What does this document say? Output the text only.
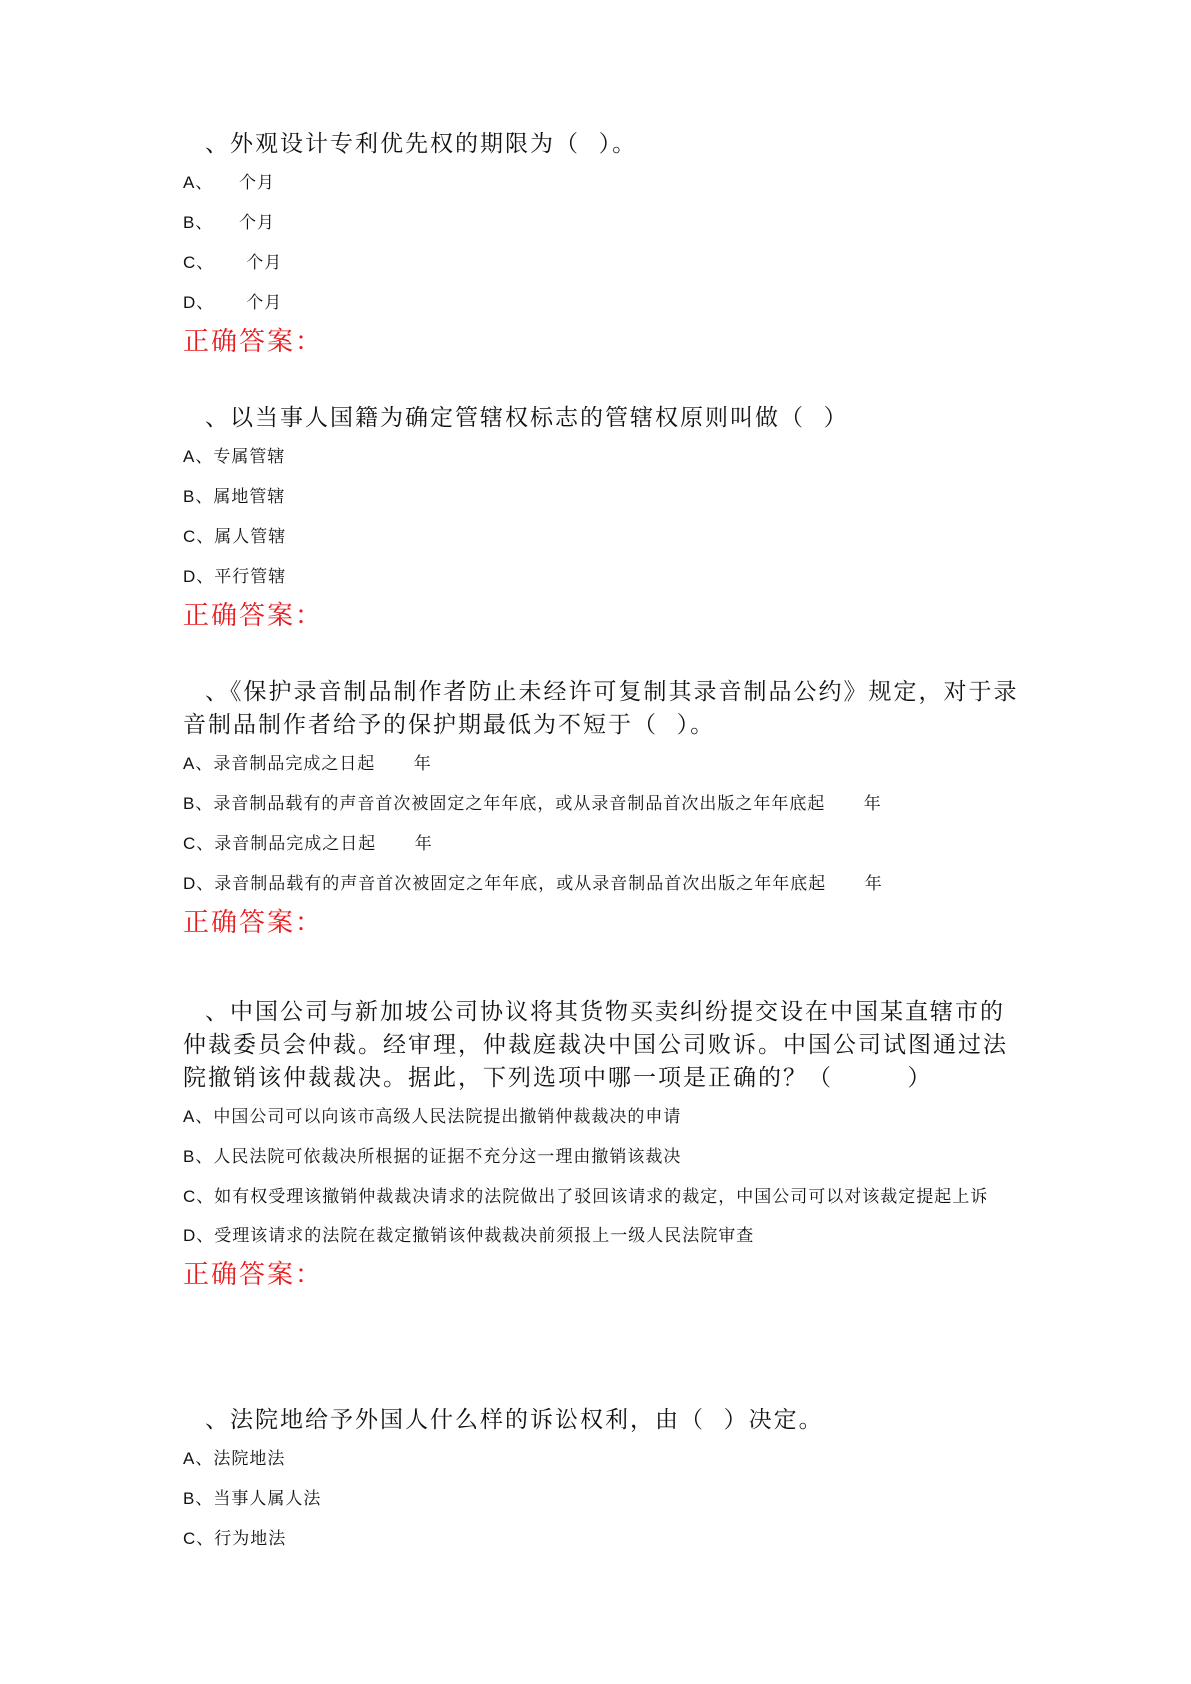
、外观设计专利优先权的期限为（  ）。

A、    个月
B、    个月
C、     个月
D、     个月

正确答案：

、以当事人国籍为确定管辖权标志的管辖权原则叫做（  ）

A、专属管辖
B、属地管辖
C、属人管辖
D、平行管辖

正确答案：

、《保护录音制品制作者防止未经许可复制其录音制品公约》规定，对于录音制品制作者给予的保护期最低为不短于（  ）。

A、录音制品完成之日起      年
B、录音制品载有的声音首次被固定之年年底，或从录音制品首次出版之年年底起      年
C、录音制品完成之日起      年
D、录音制品载有的声音首次被固定之年年底，或从录音制品首次出版之年年底起      年

正确答案：

、中国公司与新加坡公司协议将其货物买卖纠纷提交设在中国某直辖市的仲裁委员会仲裁。经审理，仲裁庭裁决中国公司败诉。中国公司试图通过法院撤销该仲裁裁决。据此，下列选项中哪一项是正确的？（        ）

A、中国公司可以向该市高级人民法院提出撤销仲裁裁决的申请
B、人民法院可依裁决所根据的证据不充分这一理由撤销该裁决
C、如有权受理该撤销仲裁裁决请求的法院做出了驳回该请求的裁定，中国公司可以对该裁定提起上诉
D、受理该请求的法院在裁定撤销该仲裁裁决前须报上一级人民法院审查

正确答案：

、法院地给予外国人什么样的诉讼权利，由（  ）决定。

A、法院地法
B、当事人属人法
C、行为地法
